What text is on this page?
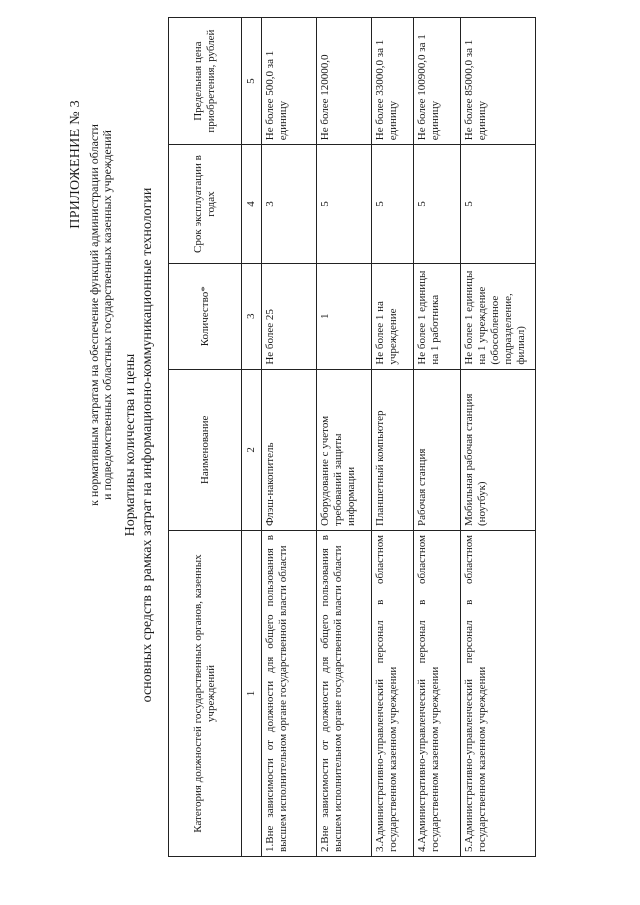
ПРИЛОЖЕНИЕ № 3 к нормативным затратам на обеспечение функций администрации области и подведомственных областных государственных казенных учреждений Нормативы количества и цены основных средств в рамках затрат на информационно-коммуникационные технологии	Категория должностей государственных органов, казенных учреждений	Наименование	Количество*	Срок эксплуатации в годах	Предельная цена приобретения, рублей
1	2	3	4	5
1.Вне зависимости от должности для общего пользования в высшем исполнительном органе государственной власти области	Флэш-накопитель	Не более 25	3	Не более 500,0 за 1 единицу
2.Вне зависимости от должности для общего пользования в высшем исполнительном органе государственной власти области	Оборудование с учетом требований защиты информации	1	5	Не более 120000,0
3.Административно-управленческий персонал в областном государственном казенном учреждении	Планшетный компьютер	Не более 1 на учреждение	5	Не более 33000,0 за 1 единицу
4.Административно-управленческий персонал в областном государственном казенном учреждении	Рабочая станция	Не более 1 единицы на 1 работника	5	Не более 100900,0 за 1 единицу
5.Административно-управленческий персонал в областном государственном казенном учреждении	Мобильная рабочая станция (ноутбук)	Не более 1 единицы на 1 учреждение (обособленное подразделение, филиал)	5	Не более 85000,0 за 1 единицу
